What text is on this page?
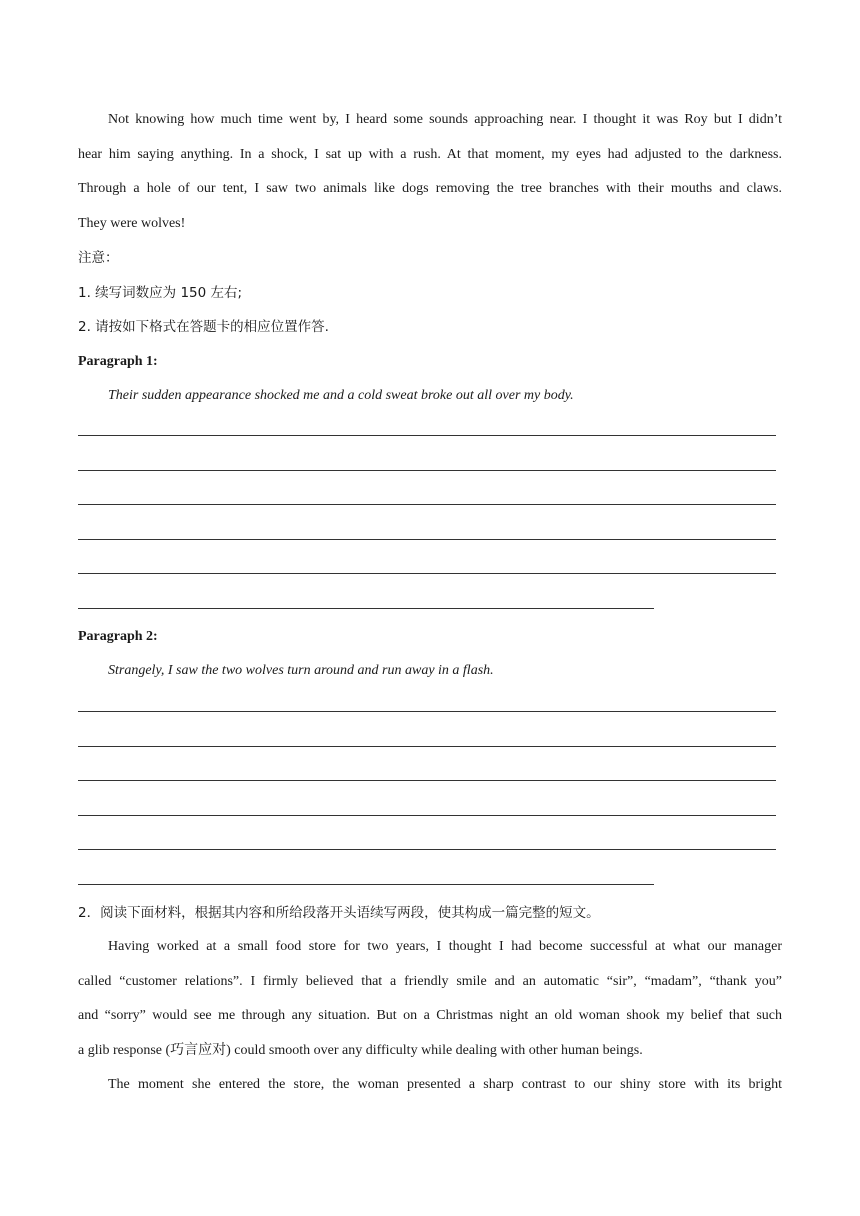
Not knowing how much time went by, I heard some sounds approaching near. I thought it was Roy but I didn’t
hear him saying anything. In a shock, I sat up with a rush. At that moment, my eyes had adjusted to the darkness.
Through a hole of our tent, I saw two animals like dogs removing the tree branches with their mouths and claws.
They were wolves!
注意：
1. 续写词数应为 150 左右;
2. 请按如下格式在答题卡的相应位置作答.
Paragraph 1:
Their sudden appearance shocked me and a cold sweat broke out all over my body.
Paragraph 2:
Strangely, I saw the two wolves turn around and run away in a flash.
2．阅读下面材料，根据其内容和所给段落开头语续写两段，使其构成一篇完整的短文。
Having worked at a small food store for two years, I thought I had become successful at what our manager
called “customer relations”. I firmly believed that a friendly smile and an automatic “sir”, “madam”, “thank you”
and “sorry” would see me through any situation. But on a Christmas night an old woman shook my belief that such
a glib response (巧言应对) could smooth over any difficulty while dealing with other human beings.
The moment she entered the store, the woman presented a sharp contrast to our shiny store with its bright
